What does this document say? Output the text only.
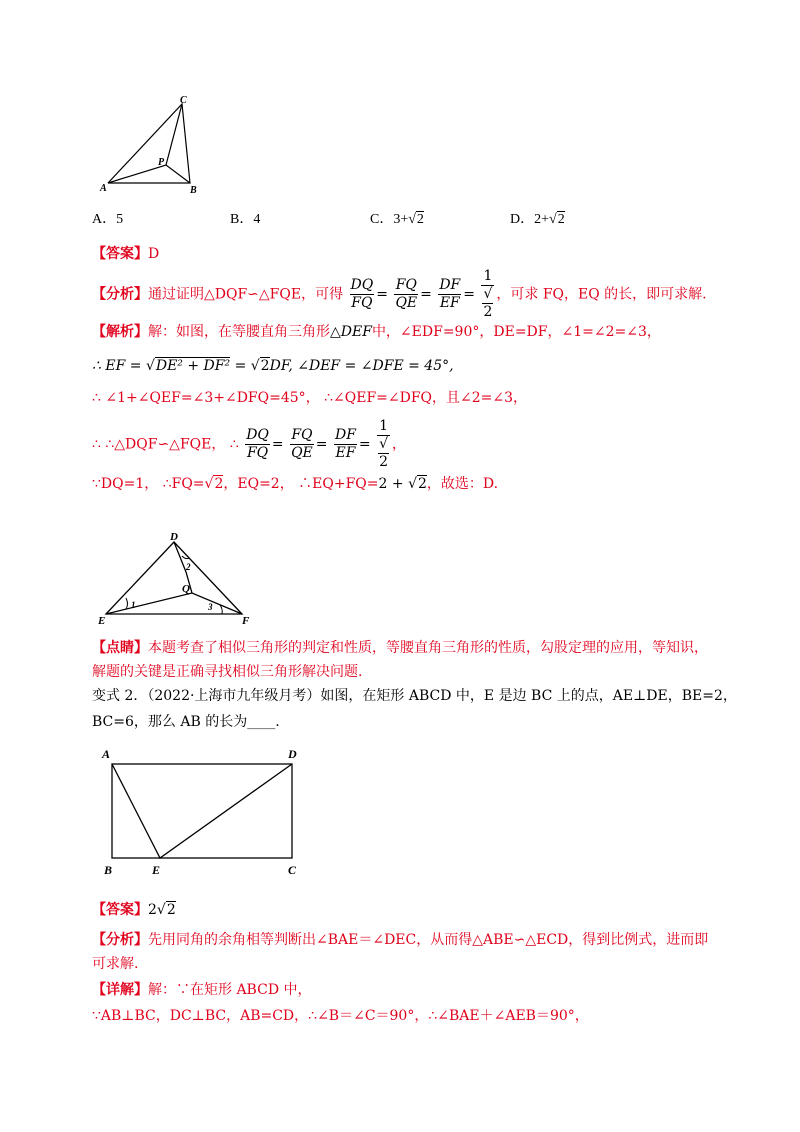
C
P
A	B
A．5	B．4	C．3+√2	D．2+√2
【答案】D
【分析】通过证明△DQF∽△FQE，可得 $\frac{DQ}{FQ} = \frac{FQ}{QE} = \frac{DF}{EF} = 1$
√
2 ，可求 FQ，EQ 的长，即可求解.
【解析】解：如图，在等腰直角三角形△DEF中，∠EDF=90°，DE=DF，∠1=∠2=∠3，
∴ EF = √DE² + DF² = √2DF, ∠DEF = ∠DFE = 45°,
∴ ∠1+∠QEF=∠3+∠DFQ=45°， ∴∠QEF=∠DFQ，且∠2=∠3，
∴ ∴△DQF∽△FQE， ∴ $\frac{DQ}{FQ} = \frac{FQ}{QE} = \frac{DF}{EF} = 1$
√
2 ，
∵DQ=1， ∴FQ=√2，EQ=2， ∴EQ+FQ=2 + √2，故选：D.
D
E	F
Q
1
2
3
【点睛】本题考查了相似三角形的判定和性质，等腰直角三角形的性质，勾股定理的应用，等知识，
解题的关键是正确寻找相似三角形解决问题.
变式 2．（2022·上海市九年级月考）如图，在矩形 ABCD 中，E 是边 BC 上的点，AE⊥DE，BE=2，
BC=6，那么 AB 的长为____.
A	D
B	E	C
【答案】2√2
【分析】先用同角的余角相等判断出∠BAE＝∠DEC，从而得△ABE∽△ECD，得到比例式，进而即
可求解.
【详解】解：∵在矩形 ABCD 中，
∵AB⊥BC，DC⊥BC，AB=CD，∴∠B＝∠C＝90°，∴∠BAE＋∠AEB＝90°，
